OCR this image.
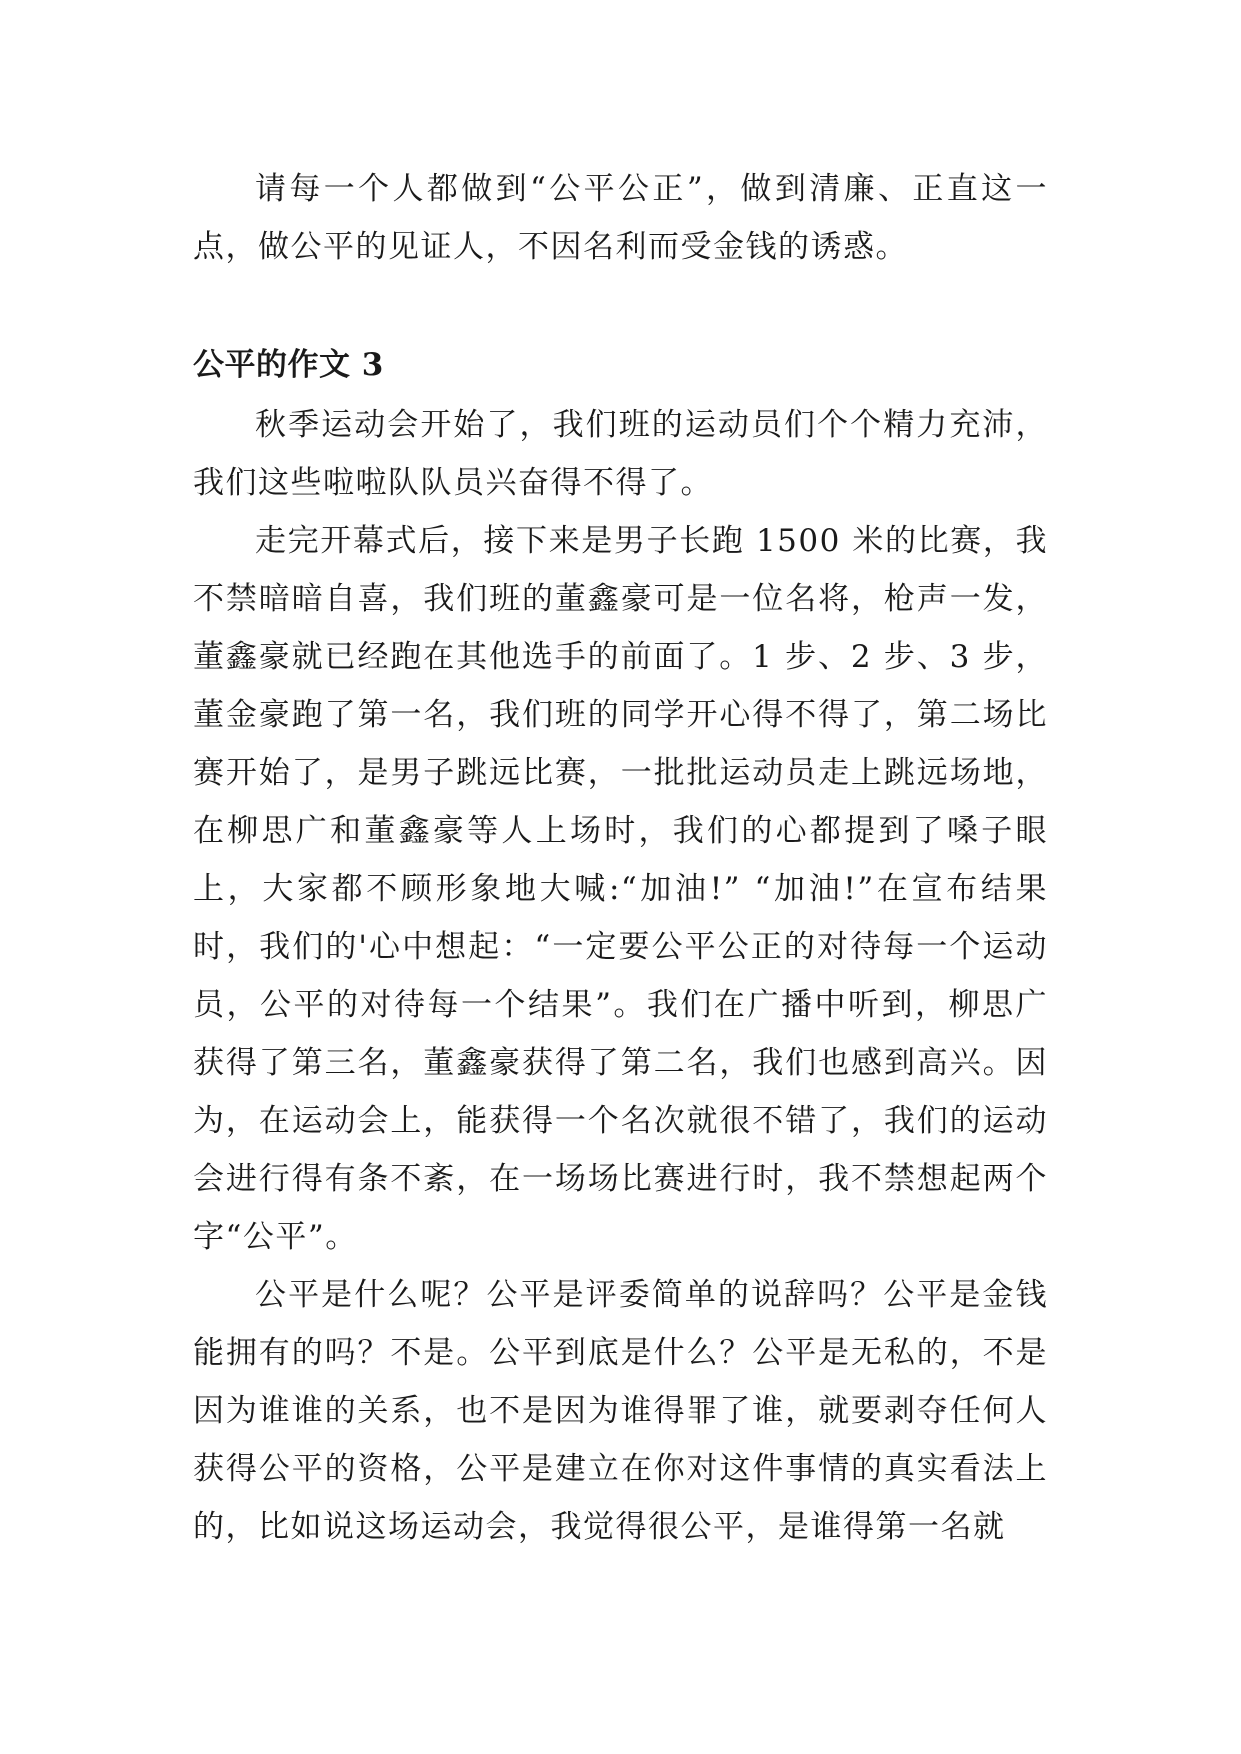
请每一个人都做到“公平公正”，做到清廉、正直这一点，做公平的见证人，不因名利而受金钱的诱惑。

公平的作文 3

秋季运动会开始了，我们班的运动员们个个精力充沛，我们这些啦啦队队员兴奋得不得了。

走完开幕式后，接下来是男子长跑 1500 米的比赛，我不禁暗暗自喜，我们班的董鑫豪可是一位名将，枪声一发，董鑫豪就已经跑在其他选手的前面了。1 步、2 步、3 步，董金豪跑了第一名，我们班的同学开心得不得了，第二场比赛开始了，是男子跳远比赛，一批批运动员走上跳远场地，在柳思广和董鑫豪等人上场时，我们的心都提到了嗓子眼上，大家都不顾形象地大喊:“加油!” “加油!”在宣布结果时，我们的'心中想起：“一定要公平公正的对待每一个运动员，公平的对待每一个结果”。我们在广播中听到，柳思广获得了第三名，董鑫豪获得了第二名，我们也感到高兴。因为，在运动会上，能获得一个名次就很不错了，我们的运动会进行得有条不紊，在一场场比赛进行时，我不禁想起两个字“公平”。

公平是什么呢？公平是评委简单的说辞吗？公平是金钱能拥有的吗？不是。公平到底是什么？公平是无私的，不是因为谁谁的关系，也不是因为谁得罪了谁，就要剥夺任何人获得公平的资格，公平是建立在你对这件事情的真实看法上的，比如说这场运动会，我觉得很公平，是谁得第一名就
